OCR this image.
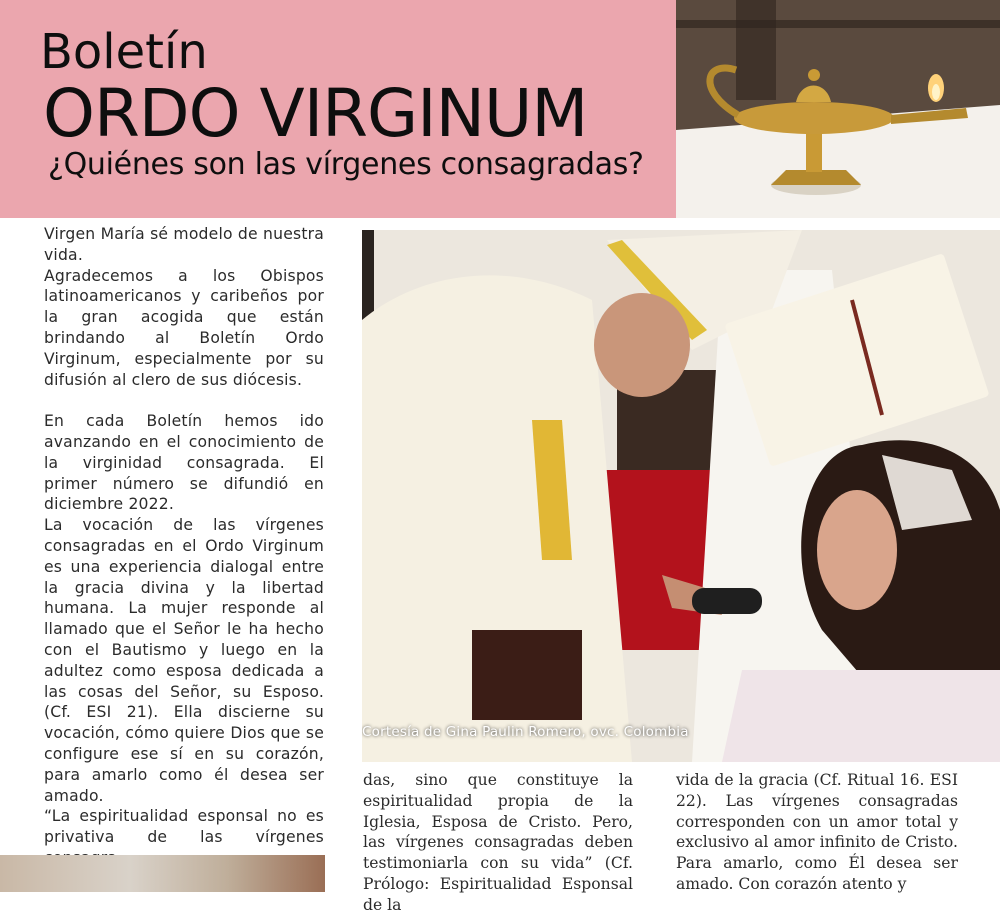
Boletín
ORDO VIRGINUM
¿Quiénes son las vírgenes consagradas?

Virgen María sé modelo de nuestra vida.

Agradecemos a los Obispos latinoamericanos y caribeños por la gran acogida que están brindando al Boletín Ordo Virginum, especialmente por su difusión al clero de sus diócesis.

En cada Boletín hemos ido avanzando en el conocimiento de la virginidad consagrada. El primer número se difundió en diciembre 2022.

La vocación de las vírgenes consagradas en el Ordo Virginum es una experiencia dialogal entre la gracia divina y la libertad humana. La mujer responde al llamado que el Señor le ha hecho con el Bautismo y luego en la adultez como esposa dedicada a las cosas del Señor, su Esposo. (Cf. ESI 21). Ella discierne su vocación, cómo quiere Dios que se configure ese sí en su corazón, para amarlo como él desea ser amado.

“La espiritualidad esponsal no es privativa de las vírgenes

Cortesía de Gina Paulin Romero, ovc. Colombia

das, sino que constituye la espiritualidad propia de la Iglesia, Esposa de Cristo. Pero, las vírgenes consagradas deben testimoniarla con su vida” (Cf. Prólogo: Espiritualidad Esponsal de la

vida de la gracia (Cf. Ritual 16. ESI 22). Las vírgenes consagradas corresponden con un amor total y exclusivo al amor infinito de Cristo. Para amarlo, como Él desea ser amado. Con corazón atento y
